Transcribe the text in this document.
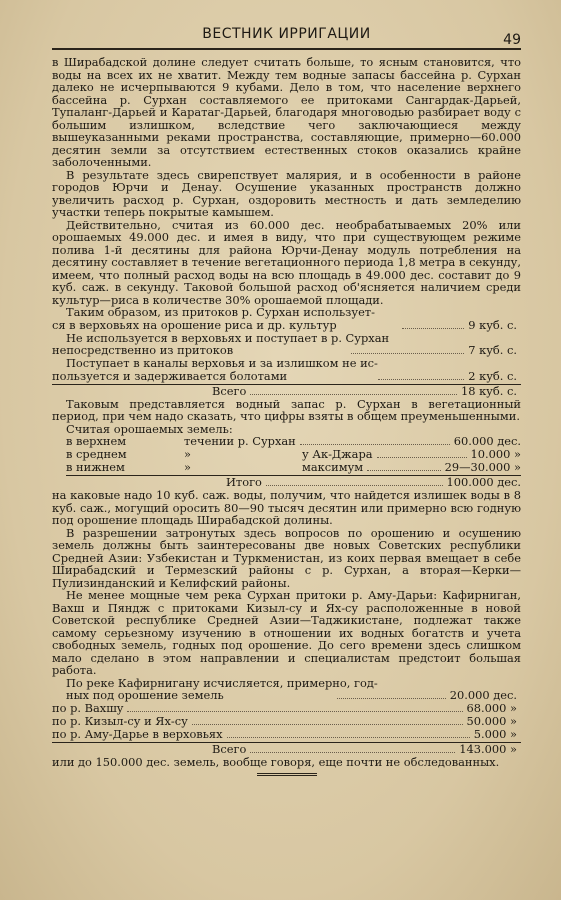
ВЕСТНИК ИРРИГАЦИИ	49

в Ширабадской долине следует считать больше, то ясным становится, что воды на всех их не хватит. Между тем водные запасы бассейна р. Сурхан далеко не исчерпываются 9 кубами. Дело в том, что население верхнего бассейна р. Сурхан составляемого ее притоками Сангардак-Дарьей, Тупаланг-Дарьей и Каратаг-Дарьей, благодаря многоводью разбирает воду с большим излишком, вследствие чего заключающиеся между вышеуказанными реками пространства, составляющие, примерно—60.000 десятин земли за отсутствием естественных стоков оказались крайне заболоченными.

В результате здесь свирепствует малярия, и в особенности в районе городов Юрчи и Денау. Осушение указанных пространств должно увеличить расход р. Сурхан, оздоровить местность и дать земледелию участки теперь покрытые камышем.

Действительно, считая из 60.000 дес. необрабатываемых 20% или орошаемых 49.000 дес. и имея в виду, что при существующем режиме полива 1-й десятины для района Юрчи-Денау модуль потребления на десятину составляет в течение вегетационного периода 1,8 метра в секунду, имеем, что полный расход воды на всю площадь в 49.000 дес. составит до 9 куб. саж. в секунду. Таковой большой расход об'ясняется наличием среди культур—риса в количестве 30% орошаемой площади.

Таким образом, из притоков р. Сурхан использует-

ся в верховьях на орошение риса и др. культур	9 куб. с.
Не используется в верховьях и поступает в р. Сурхан
непосредственно из притоков	7 куб. с.
Поступает в каналы верховья и за излишком не ис-
пользуется и задерживается болотами	2 куб. с.
Всего	18 куб. с.

Таковым представляется водный запас р. Сурхан в вегетационный период, при чем надо сказать, что цифры взяты в общем преуменьшенными.

Считая орошаемых земель:

в верхнем	течении р. Сурхан	60.000 дес.
в среднем	»	у Ак-Джара	10.000 »
в нижнем	»	максимум	29—30.000 »
Итого	100.000 дес.

на каковые надо 10 куб. саж. воды, получим, что найдется излишек воды в 8 куб. саж., могущий оросить 80—90 тысяч десятин или примерно всю годную под орошение площадь Ширабадской долины.

В разрешении затронутых здесь вопросов по орошению и осушению земель должны быть заинтересованы две новых Советских республики Средней Азии: Узбекистан и Туркменистан, из коих первая вмещает в себе Ширабадский и Термезский районы с р. Сурхан, а вторая—Керки—Пулизинданский и Келифский районы.

Не менее мощные чем река Сурхан притоки р. Аму-Дарьи: Кафирниган, Вахш и Пяндж с притоками Кизыл-су и Ях-су расположенные в новой Советской республике Средней Азии—Таджикистане, подлежат также самому серьезному изучению в отношении их водных богатств и учета свободных земель, годных под орошение. До сего времени здесь слишком мало сделано в этом направлении и специалистам предстоит большая работа.

По реке Кафирнигану исчисляется, примерно, год-

ных под орошение земель	20.000 дес.
по р. Вахшу	68.000 »
по р. Кизыл-су и Ях-су	50.000 »
по р. Аму-Дарье в верховьях	5.000 »
Всего	143.000 »

или до 150.000 дес. земель, вообще говоря, еще почти не обследованных.
